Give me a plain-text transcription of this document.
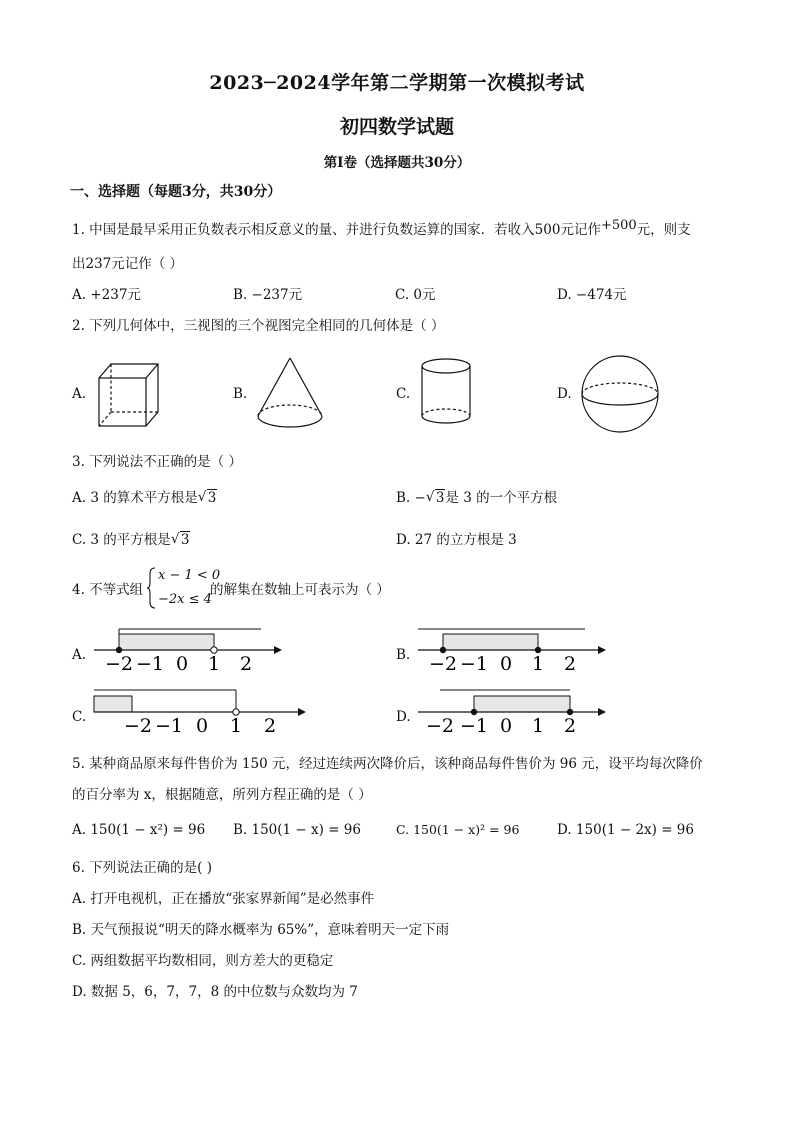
2023─2024学年第二学期第一次模拟考试
初四数学试题
第Ⅰ卷（选择题共30分）
一、选择题（每题3分，共30分）
1. 中国是最早采用正负数表示相反意义的量、并进行负数运算的国家．若收入500元记作+500元，则支
出237元记作（ ）
A. +237元	B. −237元	C. 0元	D. −474元
2. 下列几何体中，三视图的三个视图完全相同的几何体是（ ）
A.	B.	C.	D.
3. 下列说法不正确的是（ ）
A. 3 的算术平方根是 √ 3	B. − √ 3是 3 的一个平方根
C. 3 的平方根是 √ 3	D. 27 的立方根是 3
4. 不等式组
x − 1 < 0
−2x ≤ 4
的解集在数轴上可表示为（ ）
A.	B.
C.	D.
−2 −1 0 1 2	−2 −1 0 1 2
−2 −1 0 1 2	−2 −1 0 1 2
5. 某种商品原来每件售价为 150 元，经过连续两次降价后，该种商品每件售价为 96 元，设平均每次降价
的百分率为 x，根据随意，所列方程正确的是（ ）
A. 150(1 − x²) = 96 B. 150(1 − x) = 96	C. 150(1 − x)² = 96	D. 150(1 − 2x) = 96
6. 下列说法正确的是( )
A. 打开电视机，正在播放“张家界新闻”是必然事件
B. 天气预报说“明天的降水概率为 65%”，意味着明天一定下雨
C. 两组数据平均数相同，则方差大的更稳定
D. 数据 5，6，7，7，8 的中位数与众数均为 7
